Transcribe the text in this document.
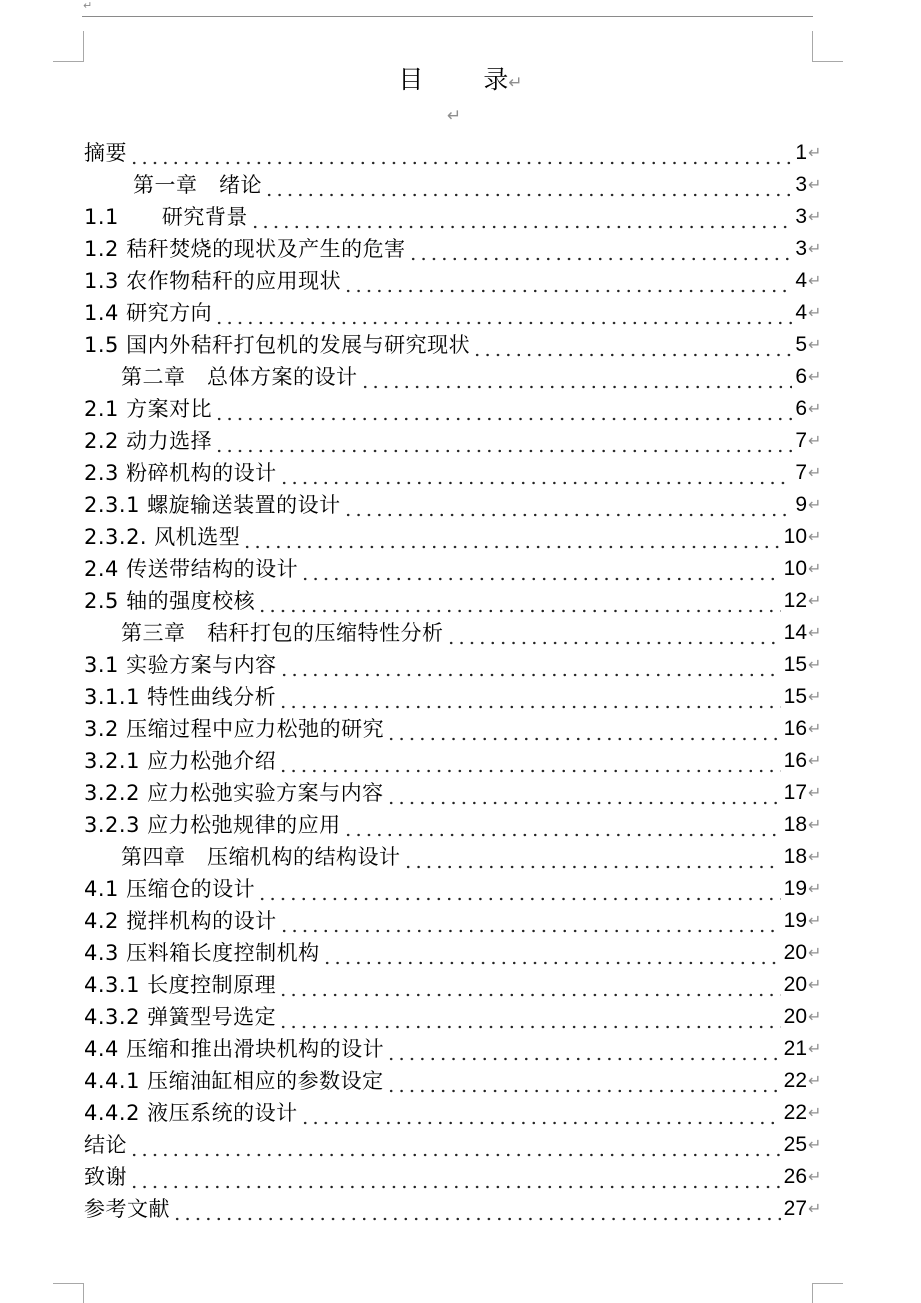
↵
目 录↵
↵
摘要	1 ↵
第一章　绪论	3 ↵
1.1　　研究背景	3 ↵
1.2 秸秆焚烧的现状及产生的危害	3 ↵
1.3 农作物秸秆的应用现状	4 ↵
1.4 研究方向	4 ↵
1.5 国内外秸秆打包机的发展与研究现状	5 ↵
第二章　总体方案的设计	6 ↵
2.1 方案对比	6 ↵
2.2 动力选择	7 ↵
2.3 粉碎机构的设计	7 ↵
2.3.1 螺旋输送装置的设计	9 ↵
2.3.2. 风机选型	10 ↵
2.4 传送带结构的设计	10 ↵
2.5 轴的强度校核	12 ↵
第三章　秸秆打包的压缩特性分析	14 ↵
3.1 实验方案与内容	15 ↵
3.1.1 特性曲线分析	15 ↵
3.2 压缩过程中应力松弛的研究	16 ↵
3.2.1 应力松弛介绍	16 ↵
3.2.2 应力松弛实验方案与内容	17 ↵
3.2.3 应力松弛规律的应用	18 ↵
第四章　压缩机构的结构设计	18 ↵
4.1 压缩仓的设计	19 ↵
4.2 搅拌机构的设计	19 ↵
4.3 压料箱长度控制机构	20 ↵
4.3.1 长度控制原理	20 ↵
4.3.2 弹簧型号选定	20 ↵
4.4 压缩和推出滑块机构的设计	21 ↵
4.4.1 压缩油缸相应的参数设定	22 ↵
4.4.2 液压系统的设计	22 ↵
结论	25 ↵
致谢	26 ↵
参考文献	27 ↵
